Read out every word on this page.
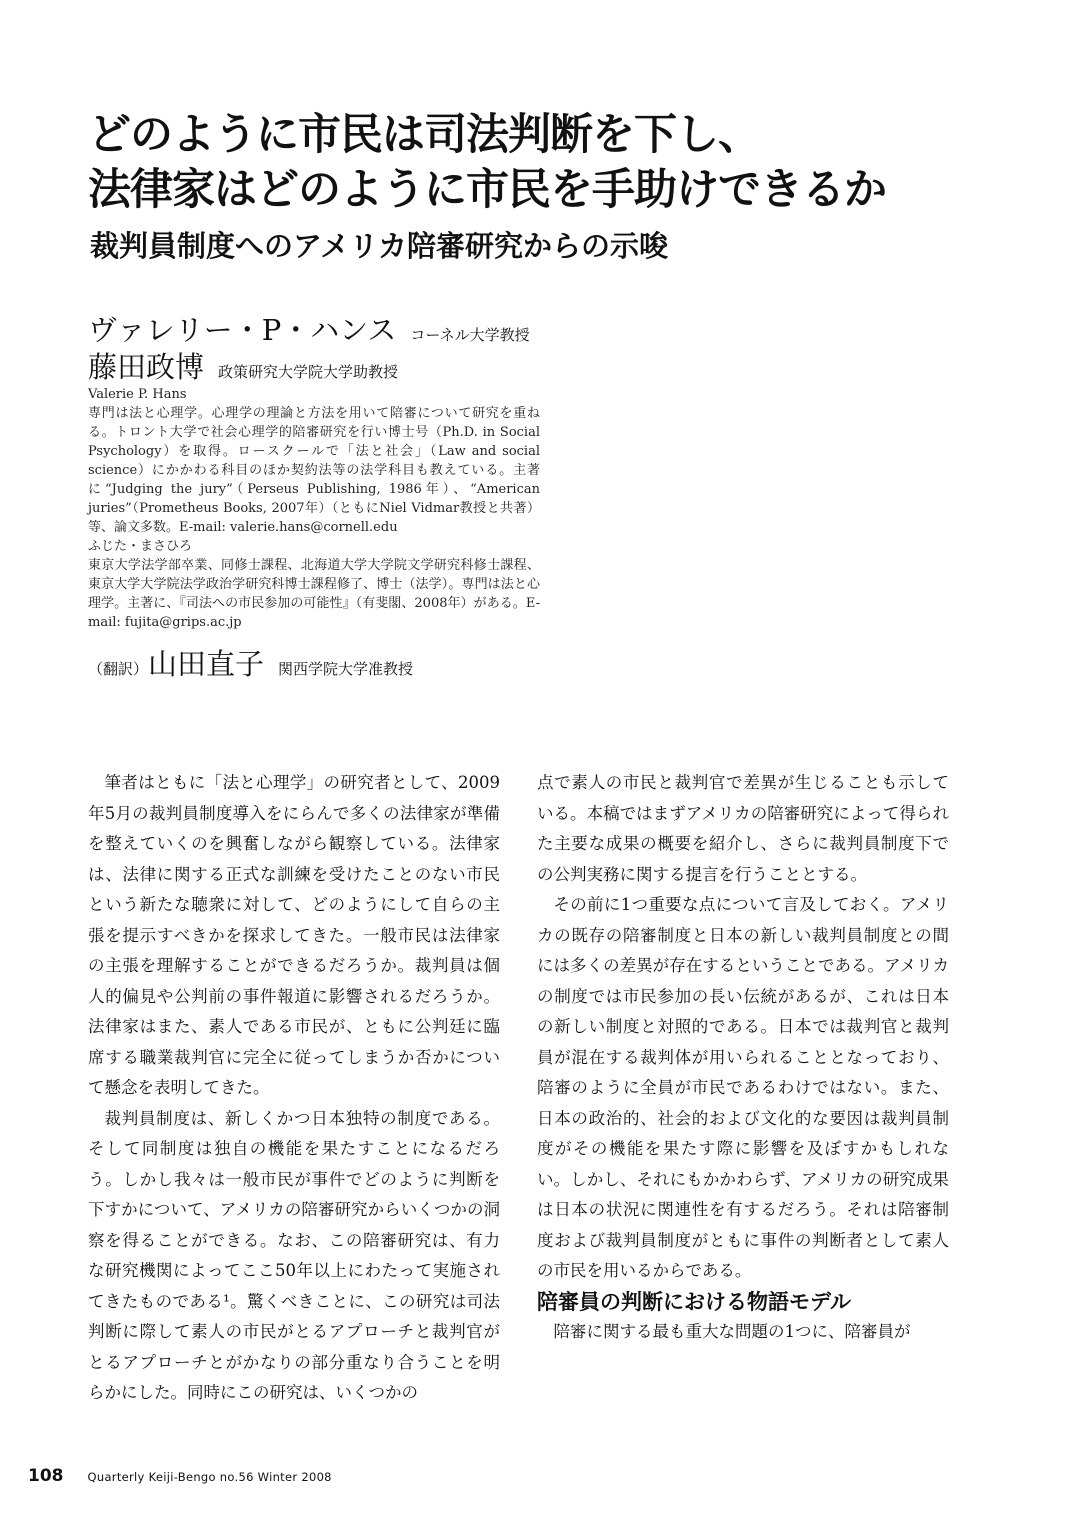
どのように市民は司法判断を下し、
法律家はどのように市民を手助けできるか
裁判員制度へのアメリカ陪審研究からの示唆
ヴァレリー・P・ハンス コーネル大学教授
藤田政博 政策研究大学院大学助教授

Valerie P. Hans

専門は法と心理学。心理学の理論と方法を用いて陪審について研究を重ねる。トロント大学で社会心理学的陪審研究を行い博士号（Ph.D. in Social Psychology）を取得。ロースクールで「法と社会」（Law and social science）にかかわる科目のほか契約法等の法学科目も教えている。主著に“Judging the jury”（Perseus Publishing, 1986年）、“American juries”（Prometheus Books, 2007年）（ともにNiel Vidmar教授と共著）等、論文多数。E-mail: valerie.hans@cornell.edu

ふじた・まさひろ

東京大学法学部卒業、同修士課程、北海道大学大学院文学研究科修士課程、東京大学大学院法学政治学研究科博士課程修了、博士（法学）。専門は法と心理学。主著に、『司法への市民参加の可能性』（有斐閣、2008年）がある。E-mail: fujita@grips.ac.jp

（翻訳）山田直子 関西学院大学准教授

筆者はともに「法と心理学」の研究者として、2009年5月の裁判員制度導入をにらんで多くの法律家が準備を整えていくのを興奮しながら観察している。法律家は、法律に関する正式な訓練を受けたことのない市民という新たな聴衆に対して、どのようにして自らの主張を提示すべきかを探求してきた。一般市民は法律家の主張を理解することができるだろうか。裁判員は個人的偏見や公判前の事件報道に影響されるだろうか。法律家はまた、素人である市民が、ともに公判廷に臨席する職業裁判官に完全に従ってしまうか否かについて懸念を表明してきた。

裁判員制度は、新しくかつ日本独特の制度である。そして同制度は独自の機能を果たすことになるだろう。しかし我々は一般市民が事件でどのように判断を下すかについて、アメリカの陪審研究からいくつかの洞察を得ることができる。なお、この陪審研究は、有力な研究機関によってここ50年以上にわたって実施されてきたものである¹。驚くべきことに、この研究は司法判断に際して素人の市民がとるアプローチと裁判官がとるアプローチとがかなりの部分重なり合うことを明らかにした。同時にこの研究は、いくつかの

点で素人の市民と裁判官で差異が生じることも示している。本稿ではまずアメリカの陪審研究によって得られた主要な成果の概要を紹介し、さらに裁判員制度下での公判実務に関する提言を行うこととする。

その前に1つ重要な点について言及しておく。アメリカの既存の陪審制度と日本の新しい裁判員制度との間には多くの差異が存在するということである。アメリカの制度では市民参加の長い伝統があるが、これは日本の新しい制度と対照的である。日本では裁判官と裁判員が混在する裁判体が用いられることとなっており、陪審のように全員が市民であるわけではない。また、日本の政治的、社会的および文化的な要因は裁判員制度がその機能を果たす際に影響を及ぼすかもしれない。しかし、それにもかかわらず、アメリカの研究成果は日本の状況に関連性を有するだろう。それは陪審制度および裁判員制度がともに事件の判断者として素人の市民を用いるからである。

陪審員の判断における物語モデル

陪審に関する最も重大な問題の1つに、陪審員が

108 Quarterly Keiji-Bengo no.56 Winter 2008
